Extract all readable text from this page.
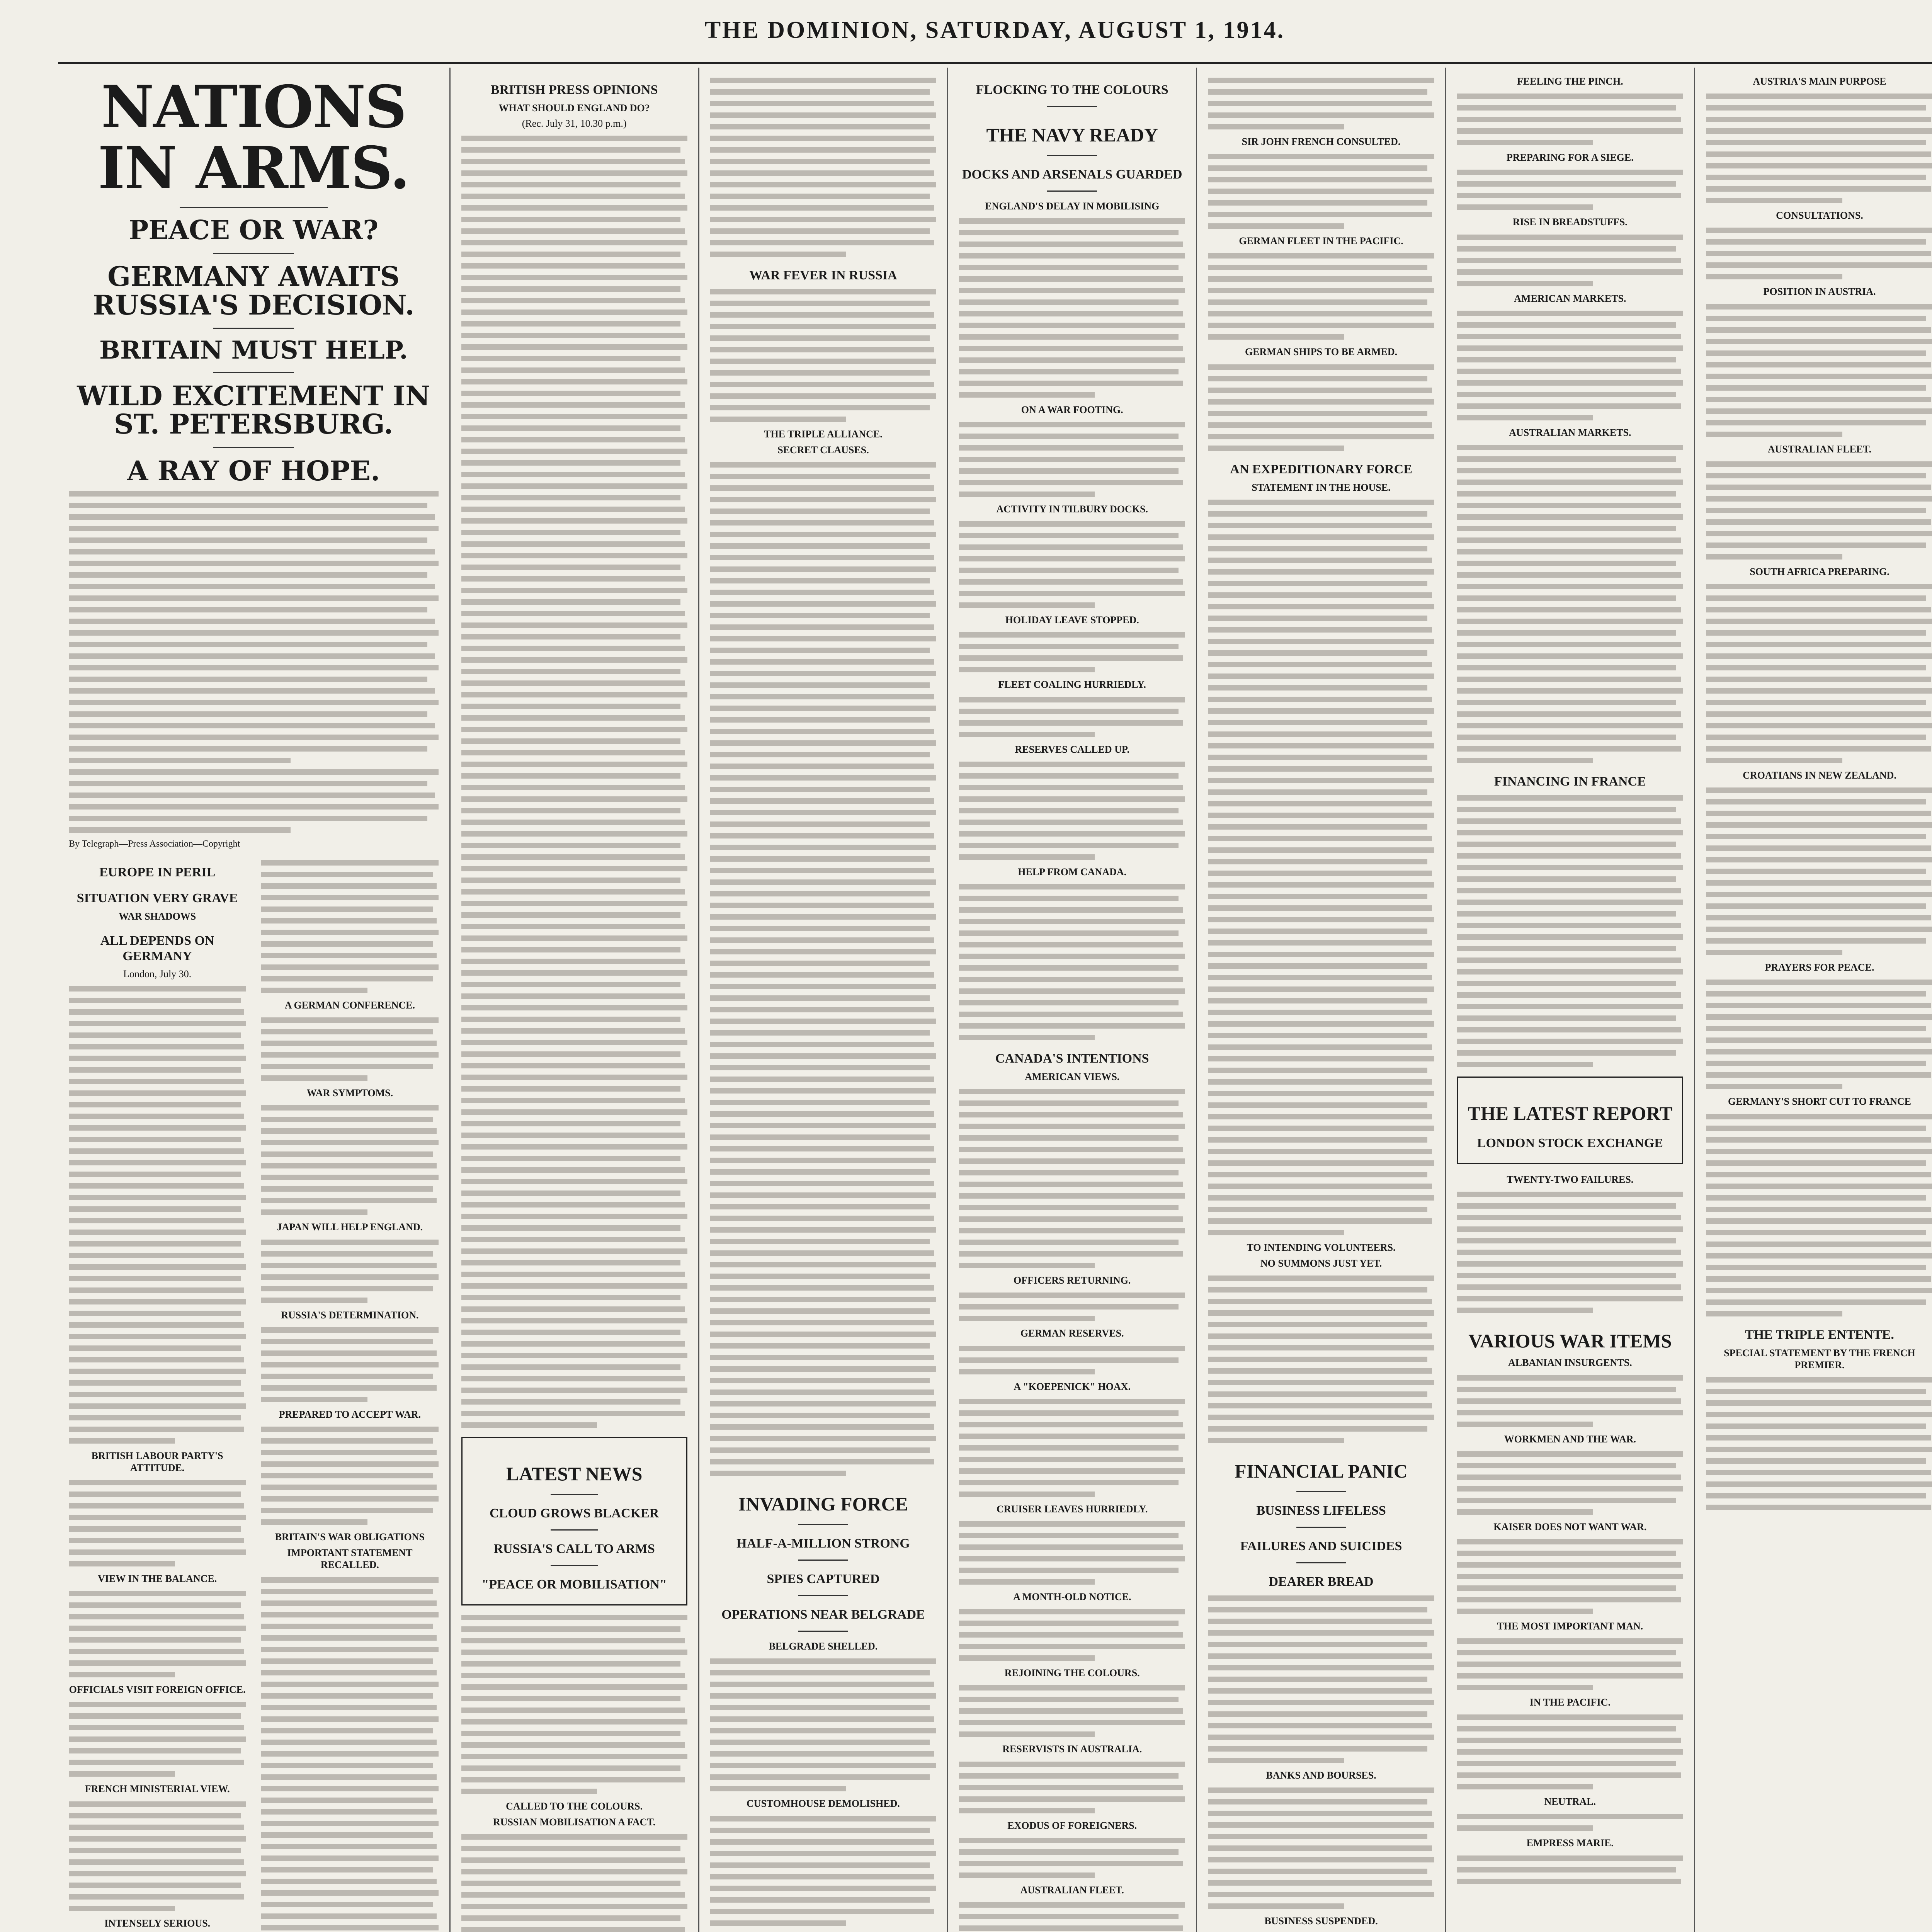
THE DOMINION, SATURDAY, AUGUST 1, 1914.
NATIONS IN ARMS.
PEACE OR WAR?
GERMANY AWAITS RUSSIA'S DECISION.
BRITAIN MUST HELP.
WILD EXCITEMENT IN ST. PETERSBURG.
A RAY OF HOPE.
By Telegraph—Press Association—Copyright
EUROPE IN PERIL
SITUATION VERY GRAVE
WAR SHADOWS
ALL DEPENDS ON GERMANY
London, July 30.
BRITISH LABOUR PARTY'S ATTITUDE.
VIEW IN THE BALANCE.
OFFICIALS VISIT FOREIGN OFFICE.
FRENCH MINISTERIAL VIEW.
INTENSELY SERIOUS.
A GERMAN CONFERENCE.
WAR SYMPTOMS.
JAPAN WILL HELP ENGLAND.
RUSSIA'S DETERMINATION.
PREPARED TO ACCEPT WAR.
BRITAIN'S WAR OBLIGATIONS
IMPORTANT STATEMENT RECALLED.
BRITISH PRESS OPINIONS
WHAT SHOULD ENGLAND DO?
(Rec. July 31, 10.30 p.m.)
LATEST NEWS
CLOUD GROWS BLACKER
RUSSIA'S CALL TO ARMS
"PEACE OR MOBILISATION"
CALLED TO THE COLOURS.
RUSSIAN MOBILISATION A FACT.
WAR FEVER IN RUSSIA
THE TRIPLE ALLIANCE.
SECRET CLAUSES.
INVADING FORCE
HALF-A-MILLION STRONG
SPIES CAPTURED
OPERATIONS NEAR BELGRADE
BELGRADE SHELLED.
CUSTOMHOUSE DEMOLISHED.
FLOCKING TO THE COLOURS
THE NAVY READY
DOCKS AND ARSENALS GUARDED
ENGLAND'S DELAY IN MOBILISING
ON A WAR FOOTING.
ACTIVITY IN TILBURY DOCKS.
HOLIDAY LEAVE STOPPED.
FLEET COALING HURRIEDLY.
RESERVES CALLED UP.
HELP FROM CANADA.
CANADA'S INTENTIONS
AMERICAN VIEWS.
OFFICERS RETURNING.
GERMAN RESERVES.
A "KOEPENICK" HOAX.
CRUISER LEAVES HURRIEDLY.
A MONTH-OLD NOTICE.
REJOINING THE COLOURS.
RESERVISTS IN AUSTRALIA.
EXODUS OF FOREIGNERS.
AUSTRALIAN FLEET.
SIR JOHN FRENCH CONSULTED.
GERMAN FLEET IN THE PACIFIC.
GERMAN SHIPS TO BE ARMED.
AN EXPEDITIONARY FORCE
STATEMENT IN THE HOUSE.
TO INTENDING VOLUNTEERS.
NO SUMMONS JUST YET.
FINANCIAL PANIC
BUSINESS LIFELESS
FAILURES AND SUICIDES
DEARER BREAD
BANKS AND BOURSES.
BUSINESS SUSPENDED.
FEELING THE PINCH.
PREPARING FOR A SIEGE.
RISE IN BREADSTUFFS.
AMERICAN MARKETS.
AUSTRALIAN MARKETS.
FINANCING IN FRANCE
THE LATEST REPORT
LONDON STOCK EXCHANGE
TWENTY-TWO FAILURES.
VARIOUS WAR ITEMS
ALBANIAN INSURGENTS.
WORKMEN AND THE WAR.
KAISER DOES NOT WANT WAR.
THE MOST IMPORTANT MAN.
IN THE PACIFIC.
NEUTRAL.
EMPRESS MARIE.
AUSTRIA'S MAIN PURPOSE
CONSULTATIONS.
POSITION IN AUSTRIA.
AUSTRALIAN FLEET.
SOUTH AFRICA PREPARING.
CROATIANS IN NEW ZEALAND.
PRAYERS FOR PEACE.
GERMANY'S SHORT CUT TO FRANCE
THE TRIPLE ENTENTE.
SPECIAL STATEMENT BY THE FRENCH PREMIER.
